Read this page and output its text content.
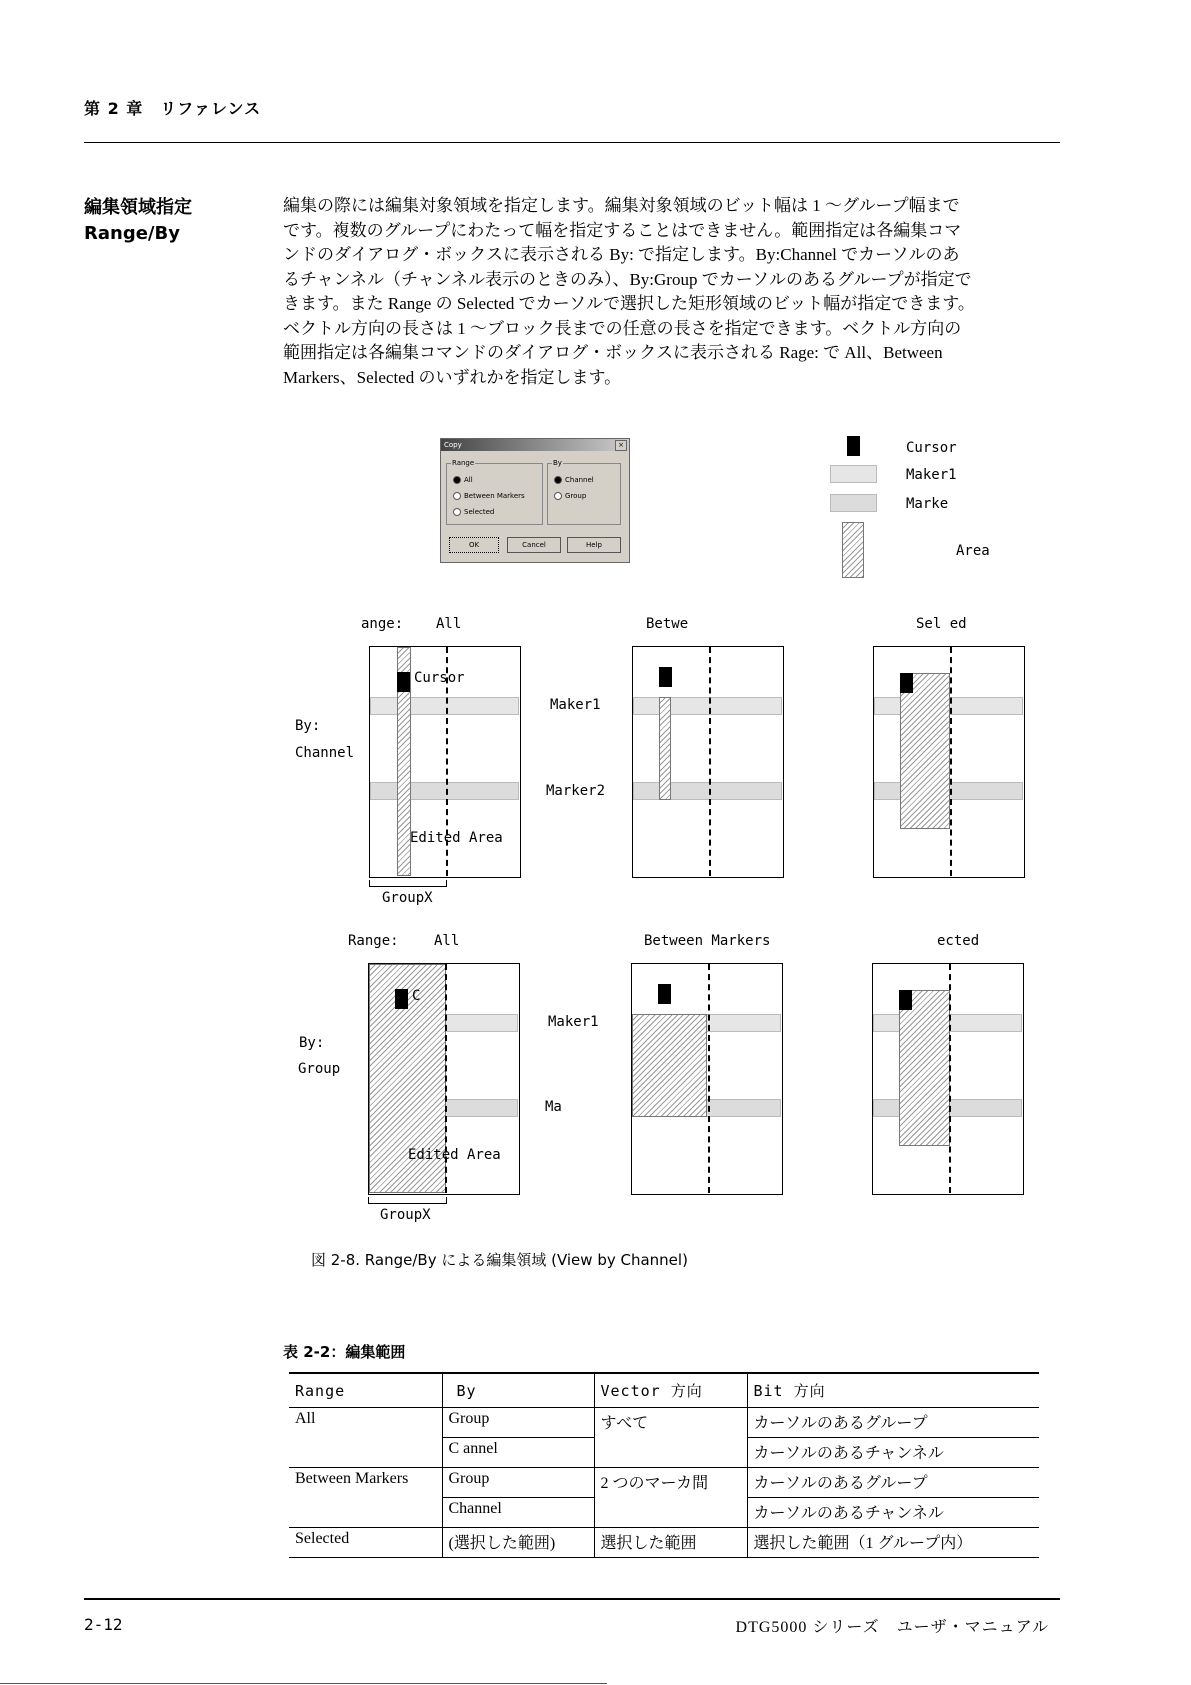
第 2 章　リファレンス
編集領域指定
Range/By
編集の際には編集対象領域を指定します。編集対象領域のビット幅は 1 〜グループ幅まで
です。複数のグループにわたって幅を指定することはできません。範囲指定は各編集コマ
ンドのダイアログ・ボックスに表示される By: で指定します。By:Channel でカーソルのあ
るチャンネル（チャンネル表示のときのみ）、By:Group でカーソルのあるグループが指定で
きます。また Range の Selected でカーソルで選択した矩形領域のビット幅が指定できます。
ベクトル方向の長さは 1 〜ブロック長までの任意の長さを指定できます。ベクトル方向の
範囲指定は各編集コマンドのダイアログ・ボックスに表示される Rage: で All、Between
Markers、Selected のいずれかを指定します。
Copy	×
Range
All
Between Markers
Selected
By
Channel
Group
OK	Cancel	Help
Cursor
Maker1
Marke
Area
ange: All	Betwe	Sel ed
By:
Channel
Cursor
Edited Area
GroupX
Maker1
Marker2
Range:	All	Between Markers	ected
By:
Group
C
Edited Area
GroupX
Maker1
Ma
図 2-8. Range/By による編集領域 (View by Channel)
表 2-2：編集範囲
Range	By	Vector 方向	Bit 方向
All	Group	すべて	カーソルのあるグループ
	C annel		カーソルのあるチャンネル
Between Markers	Group	2 つのマーカ間	カーソルのあるグループ
	Channel		カーソルのあるチャンネル
Selected	(選択した範囲)	選択した範囲	選択した範囲（1 グループ内）
2-12	DTG5000 シリーズ　ユーザ・マニュアル
